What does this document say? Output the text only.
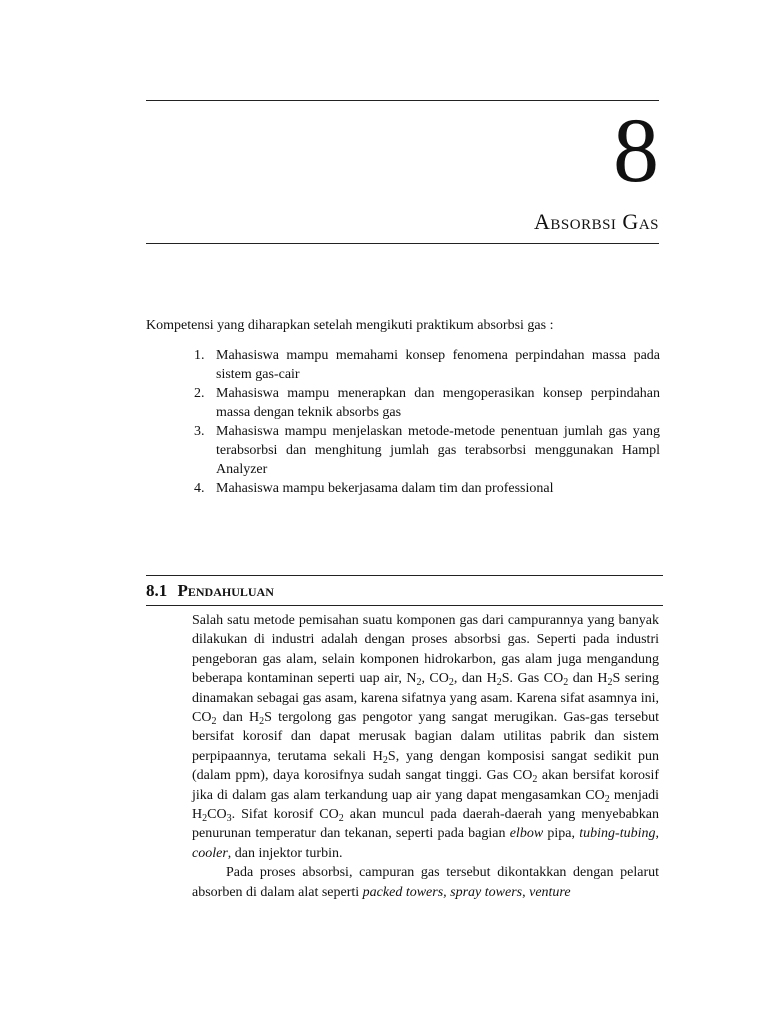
8
Absorbsi Gas
Kompetensi yang diharapkan setelah mengikuti praktikum absorbsi gas :
1. Mahasiswa mampu memahami konsep fenomena perpindahan massa pada sistem gas-cair
2. Mahasiswa mampu menerapkan dan mengoperasikan konsep perpindahan massa dengan teknik absorbs gas
3. Mahasiswa mampu menjelaskan metode-metode penentuan jumlah gas yang terabsorbsi dan menghitung jumlah gas terabsorbsi menggunakan Hampl Analyzer
4. Mahasiswa mampu bekerjasama dalam tim dan professional
8.1 Pendahuluan

Salah satu metode pemisahan suatu komponen gas dari campurannya yang banyak dilakukan di industri adalah dengan proses absorbsi gas. Seperti pada industri pengeboran gas alam, selain komponen hidrokarbon, gas alam juga mengandung beberapa kontaminan seperti uap air, $N_2$, $CO_2$, dan $H_2S$. Gas $CO_2$ dan $H_2S$ sering dinamakan sebagai gas asam, karena sifatnya yang asam. Karena sifat asamnya ini, $CO_2$ dan $H_2S$ tergolong gas pengotor yang sangat merugikan. Gas-gas tersebut bersifat korosif dan dapat merusak bagian dalam utilitas pabrik dan sistem perpipaannya, terutama sekali $H_2S$, yang dengan komposisi sangat sedikit pun (dalam ppm), daya korosifnya sudah sangat tinggi. Gas $CO_2$ akan bersifat korosif jika di dalam gas alam terkandung uap air yang dapat mengasamkan $CO_2$ menjadi $H_2CO_3$. Sifat korosif $CO_2$ akan muncul pada daerah-daerah yang menyebabkan penurunan temperatur dan tekanan, seperti pada bagian elbow pipa, tubing-tubing, cooler, dan injektor turbin.

Pada proses absorbsi, campuran gas tersebut dikontakkan dengan pelarut absorben di dalam alat seperti packed towers, spray towers, venture
